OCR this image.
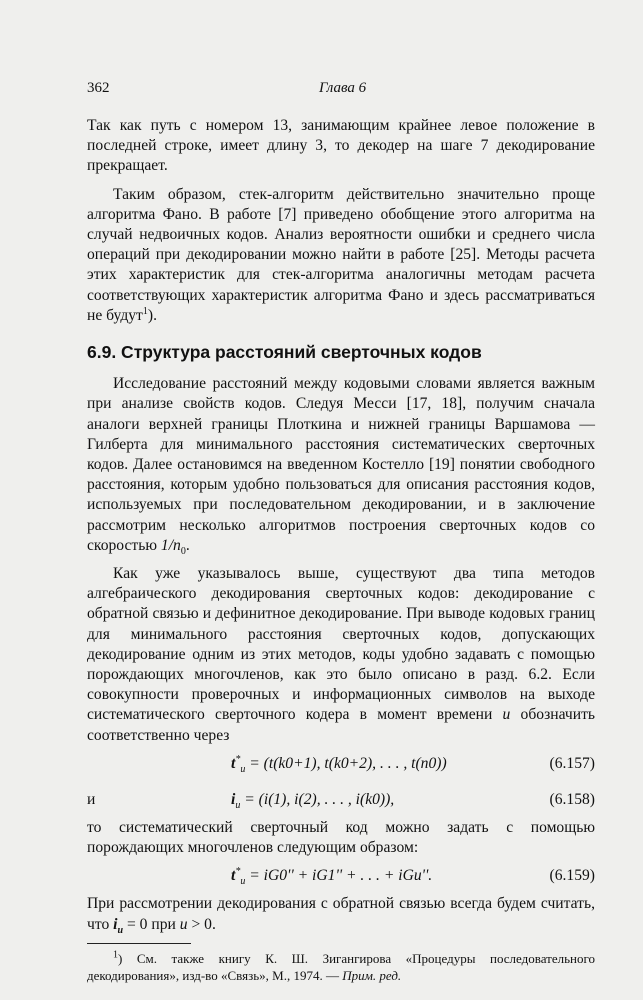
362	Глава 6

Так как путь с номером 13, занимающим крайнее левое положение в последней строке, имеет длину 3, то декодер на шаге 7 декодирование прекращает.

Таким образом, стек-алгоритм действительно значительно проще алгоритма Фано. В работе [7] приведено обобщение этого алгоритма на случай недвоичных кодов. Анализ вероятности ошибки и среднего числа операций при декодировании можно найти в работе [25]. Методы расчета этих характеристик для стек-алгоритма аналогичны методам расчета соответствующих характеристик алгоритма Фано и здесь рассматриваться не будут$^1$).

6.9. Структура расстояний сверточных кодов

Исследование расстояний между кодовыми словами является важным при анализе свойств кодов. Следуя Месси [17, 18], получим сначала аналоги верхней границы Плоткина и нижней границы Варшамова — Гилберта для минимального расстояния систематических сверточных кодов. Далее остановимся на введенном Костелло [19] понятии свободного расстояния, которым удобно пользоваться для описания расстояния кодов, используемых при последовательном декодировании, и в заключение рассмотрим несколько алгоритмов построения сверточных кодов со скоростью $1/n_0$.

Как уже указывалось выше, существуют два типа методов алгебраического декодирования сверточных кодов: декодирование с обратной связью и дефинитное декодирование. При выводе кодовых границ для минимального расстояния сверточных кодов, допускающих декодирование одним из этих методов, коды удобно задавать с помощью порождающих многочленов, как это было описано в разд. 6.2. Если совокупности проверочных и информационных символов на выходе систематического сверточного кодера в момент времени u обозначить соответственно через

$t^*_u = (t(k0+1)$, t(k0+2), . . . , t(n0))	(6.157)
и	$i_u = (i(1)$, i(2), . . . , i(k0)),	(6.158)

то систематический сверточный код можно задать с помощью порождающих многочленов следующим образом:

$t^*_u = iG0'' + iG1''$ + . . . + iGu''.	(6.159)

При рассмотрении декодирования с обратной связью всегда будем считать, что $i_u = 0$ при u > 0.

$^1$) См. также книгу К. Ш. Зигангирова «Процедуры последовательного декодирования», изд-во «Связь», М., 1974. — Прим. ред.
